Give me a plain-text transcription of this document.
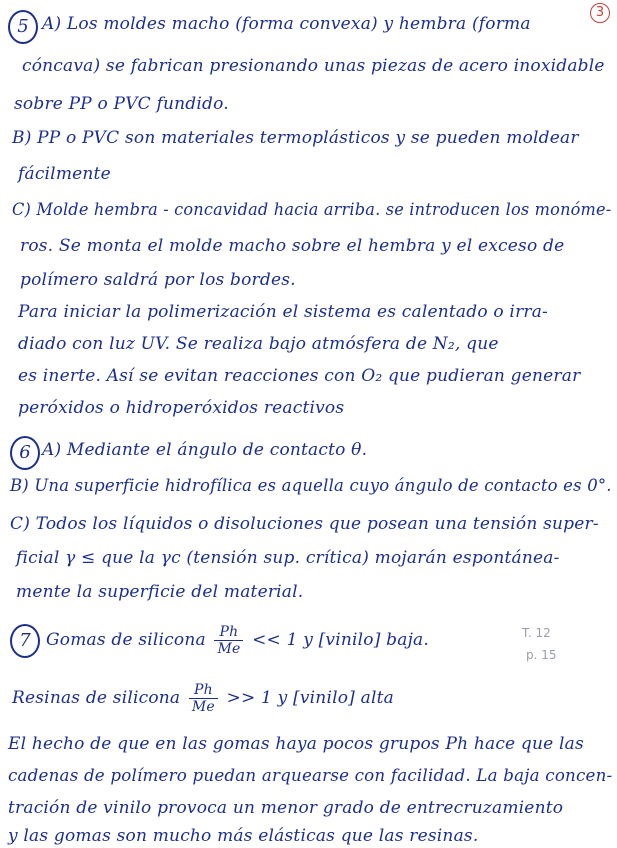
3
5 A) Los moldes macho (forma convexa) y hembra (forma
cóncava) se fabrican presionando unas piezas de acero inoxidable
sobre PP o PVC fundido.
B) PP o PVC son materiales termoplásticos y se pueden moldear
fácilmente
C) Molde hembra - concavidad hacia arriba. se introducen los monóme-
ros. Se monta el molde macho sobre el hembra y el exceso de
polímero saldrá por los bordes.
Para iniciar la polimerización el sistema es calentado o irra-
diado con luz UV. Se realiza bajo atmósfera de N₂, que
es inerte. Así se evitan reacciones con O₂ que pudieran generar
peróxidos o hidroperóxidos reactivos
6 A) Mediante el ángulo de contacto θ.
B) Una superficie hidrofílica es aquella cuyo ángulo de contacto es 0°.
C) Todos los líquidos o disoluciones que posean una tensión super-
ficial γ ≤ que la γc (tensión sup. crítica) mojarán espontánea-
mente la superficie del material.
7 Gomas de silicona $\frac{Ph}{Me} << 1$ y [vinilo] baja.	T. 12
p. 15
Resinas de silicona $\frac{Ph}{Me} >> 1$ y [vinilo] alta
El hecho de que en las gomas haya pocos grupos Ph hace que las
cadenas de polímero puedan arquearse con facilidad. La baja concen-
tración de vinilo provoca un menor grado de entrecruzamiento
y las gomas son mucho más elásticas que las resinas.
